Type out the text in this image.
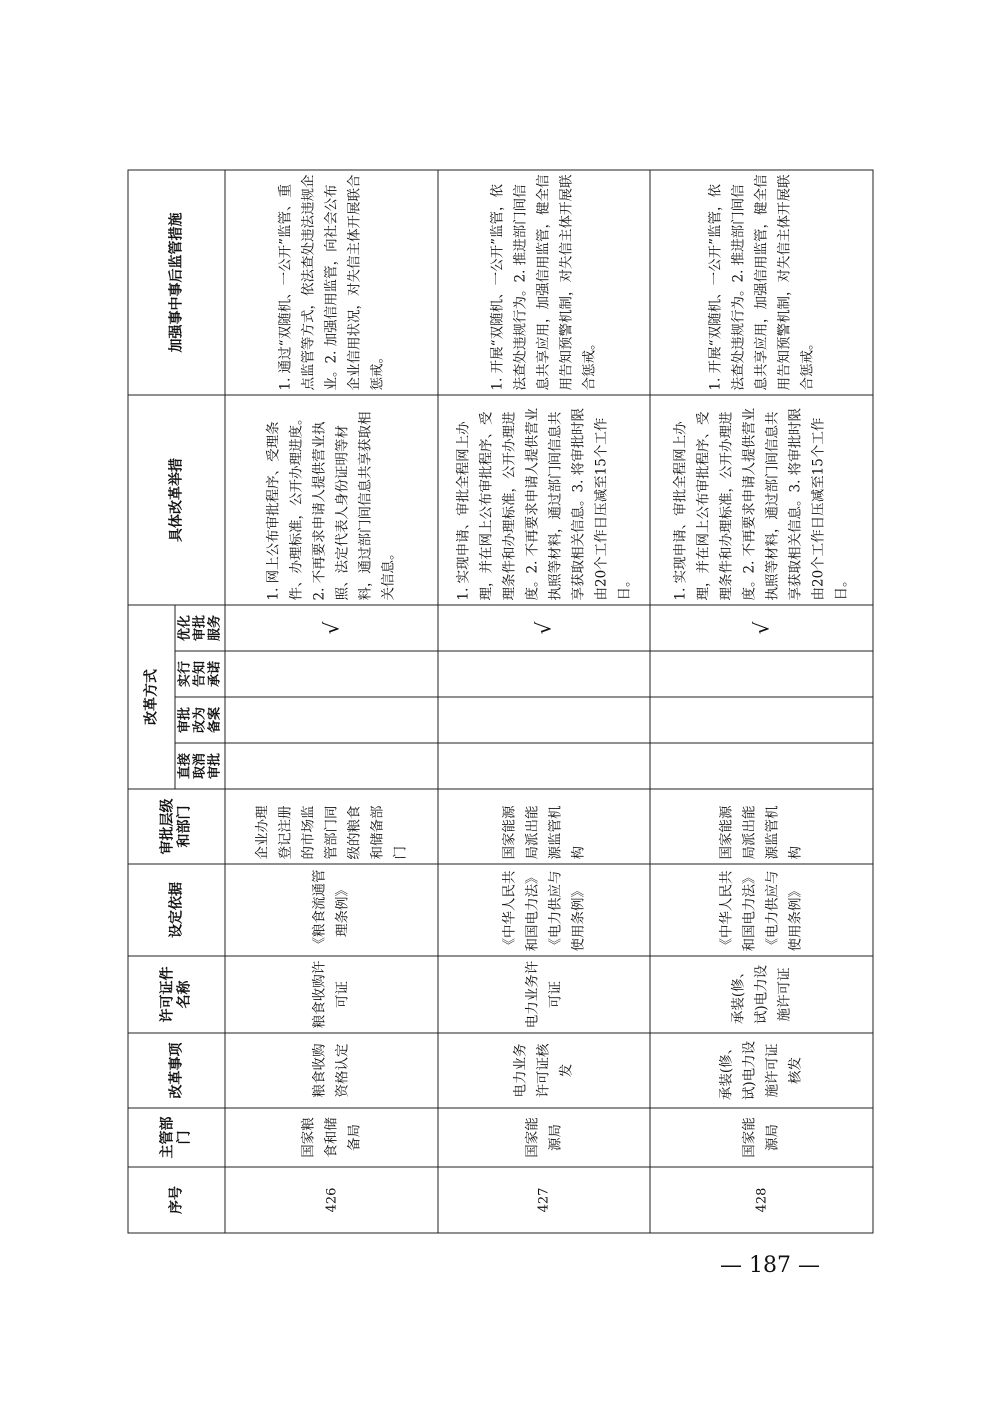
序号	主管部门	改革事项	许可证件名称	设定依据	审批层级和部门	改革方式				具体改革举措	加强事中事后监管措施
						直接取消审批	审批改为备案	实行告知承诺	优化审批服务		
426	国家粮食和储备局	粮食收购资格认定	粮食收购许可证	《粮食流通管理条例》	企业办理登记注册的市场监管部门同级的粮食和储备部门				√	1. 网上公布审批程序、受理条件、办理标准，公开办理进度。2. 不再要求申请人提供营业执照、法定代表人身份证明等材料，通过部门间信息共享获取相关信息。	1. 通过“双随机、一公开”监管、重点监管等方式，依法查处违法违规企业。2. 加强信用监管，向社会公布企业信用状况，对失信主体开展联合惩戒。
427	国家能源局	电力业务许可证核发	电力业务许可证	《中华人民共和国电力法》《电力供应与使用条例》	国家能源局派出能源监管机构				√	1. 实现申请、审批全程网上办理，并在网上公布审批程序、受理条件和办理标准，公开办理进度。2. 不再要求申请人提供营业执照等材料，通过部门间信息共享获取相关信息。3. 将审批时限由20个工作日压减至15个工作日。	1. 开展“双随机、一公开”监管，依法查处违规行为。2. 推进部门间信息共享应用，加强信用监管，健全信用告知预警机制，对失信主体开展联合惩戒。
428	国家能源局	承装(修、试)电力设施许可证核发	承装(修、试)电力设施许可证	《中华人民共和国电力法》《电力供应与使用条例》	国家能源局派出能源监管机构				√	1. 实现申请、审批全程网上办理，并在网上公布审批程序、受理条件和办理标准，公开办理进度。2. 不再要求申请人提供营业执照等材料，通过部门间信息共享获取相关信息。3. 将审批时限由20个工作日压减至15个工作日。	1. 开展“双随机、一公开”监管，依法查处违规行为。2. 推进部门间信息共享应用，加强信用监管，健全信用告知预警机制，对失信主体开展联合惩戒。
— 187 —
